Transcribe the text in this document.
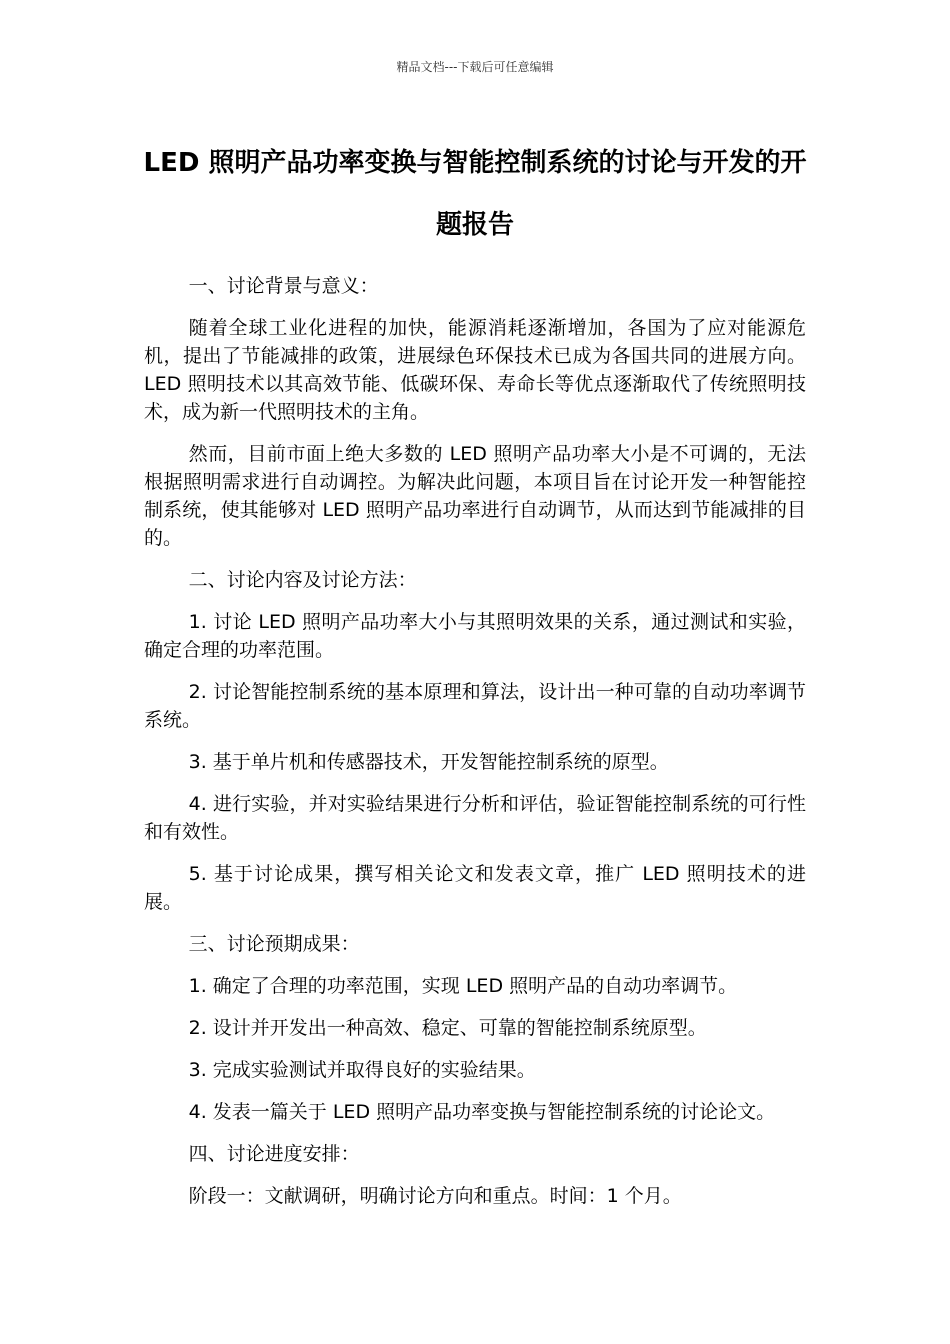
精品文档---下载后可任意编辑
LED 照明产品功率变换与智能控制系统的讨论与开发的开题报告

一、讨论背景与意义：

随着全球工业化进程的加快，能源消耗逐渐增加，各国为了应对能源危机，提出了节能减排的政策，进展绿色环保技术已成为各国共同的进展方向。LED 照明技术以其高效节能、低碳环保、寿命长等优点逐渐取代了传统照明技术，成为新一代照明技术的主角。

然而，目前市面上绝大多数的 LED 照明产品功率大小是不可调的，无法根据照明需求进行自动调控。为解决此问题，本项目旨在讨论开发一种智能控制系统，使其能够对 LED 照明产品功率进行自动调节，从而达到节能减排的目的。

二、讨论内容及讨论方法：

1. 讨论 LED 照明产品功率大小与其照明效果的关系，通过测试和实验，确定合理的功率范围。

2. 讨论智能控制系统的基本原理和算法，设计出一种可靠的自动功率调节系统。

3. 基于单片机和传感器技术，开发智能控制系统的原型。

4. 进行实验，并对实验结果进行分析和评估，验证智能控制系统的可行性和有效性。

5. 基于讨论成果，撰写相关论文和发表文章，推广 LED 照明技术的进展。

三、讨论预期成果：

1. 确定了合理的功率范围，实现 LED 照明产品的自动功率调节。

2. 设计并开发出一种高效、稳定、可靠的智能控制系统原型。

3. 完成实验测试并取得良好的实验结果。

4. 发表一篇关于 LED 照明产品功率变换与智能控制系统的讨论论文。

四、讨论进度安排：

阶段一：文献调研，明确讨论方向和重点。时间：1 个月。
